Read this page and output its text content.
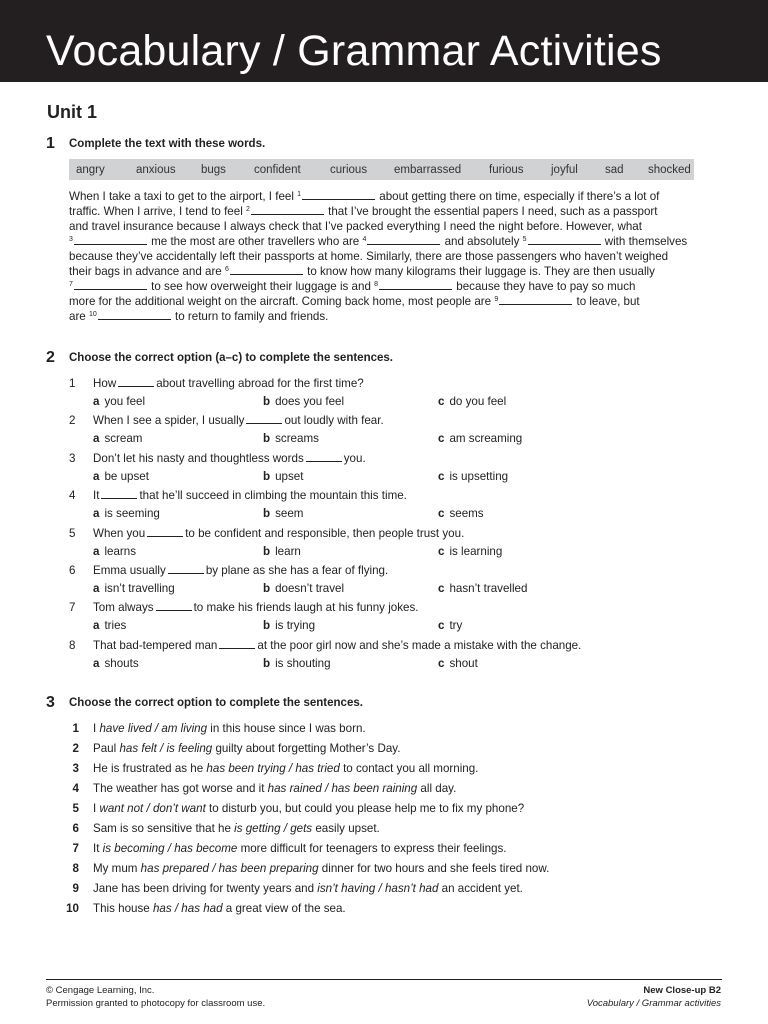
Vocabulary / Grammar Activities
Unit 1
1 Complete the text with these words.
angry	anxious	bugs	confident	curious	embarrassed	furious	joyful	sad	shocked
When I take a taxi to get to the airport, I feel $^1$	about getting there on time, especially if there’s a lot of
traffic. When I arrive, I tend to feel $^2$	that I’ve brought the essential papers I need, such as a passport
and travel insurance because I always check that I’ve packed everything I need the night before. However, what
$^3$	me the most are other travellers who are $^4$	and absolutely $^5$	with themselves
because they’ve accidentally left their passports at home. Similarly, there are those passengers who haven’t weighed
their bags in advance and are $^6$	to know how many kilograms their luggage is. They are then usually
$^7$	to see how overweight their luggage is and $^8$	because they have to pay so much
more for the additional weight on the aircraft. Coming back home, most people are $^9$	to leave, but
are $^{10}$	to return to family and friends.
2 Choose the correct option (a–c) to complete the sentences.
1 How	about travelling abroad for the first time?
a you feel	b does you feel	c do you feel
2 When I see a spider, I usually	out loudly with fear.
a scream	b screams	c am screaming
3 Don’t let his nasty and thoughtless words	you.
a be upset	b upset	c is upsetting
4 It	that he’ll succeed in climbing the mountain this time.
a is seeming	b seem	c seems
5 When you	to be confident and responsible, then people trust you.
a learns	b learn	c is learning
6 Emma usually	by plane as she has a fear of flying.
a isn’t travelling	b doesn’t travel	c hasn’t travelled
7 Tom always	to make his friends laugh at his funny jokes.
a tries	b is trying	c try
8 That bad-tempered man	at the poor girl now and she’s made a mistake with the change.
a shouts	b is shouting	c shout
3 Choose the correct option to complete the sentences.
1 I have lived / am living in this house since I was born.
2 Paul has felt / is feeling guilty about forgetting Mother’s Day.
3 He is frustrated as he has been trying / has tried to contact you all morning.
4 The weather has got worse and it has rained / has been raining all day.
5 I want not / don’t want to disturb you, but could you please help me to fix my phone?
6 Sam is so sensitive that he is getting / gets easily upset.
7 It is becoming / has become more difficult for teenagers to express their feelings.
8 My mum has prepared / has been preparing dinner for two hours and she feels tired now.
9 Jane has been driving for twenty years and isn’t having / hasn’t had an accident yet.
10 This house has / has had a great view of the sea.
© Cengage Learning, Inc.
Permission granted to photocopy for classroom use.
New Close-up B2
Vocabulary / Grammar activities
